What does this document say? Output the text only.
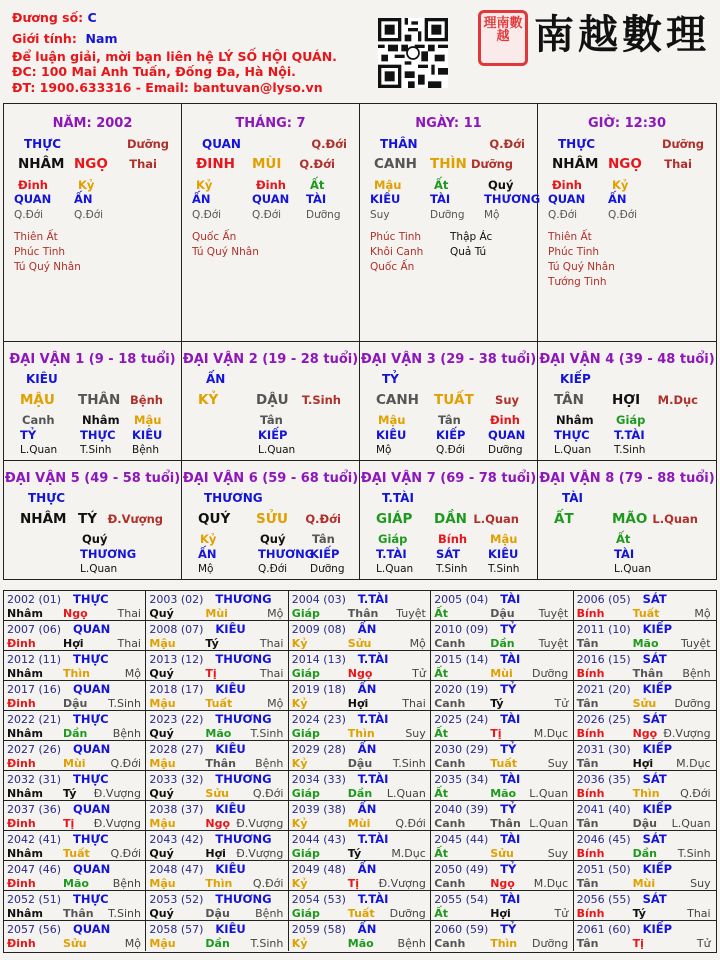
Đương số: C
Giới tính: Nam
Để luận giải, mời bạn liên hệ LÝ SỐ HỘI QUÁN.
ĐC: 100 Mai Anh Tuấn, Đống Đa, Hà Nội.
ĐT: 1900.633316 - Email: bantuvan@lyso.vn
理南數越 南越數理
NĂM: 2002
THỰC	Dưỡng
NHÂM NGỌ Thai
Đinh	Kỷ
QUAN ẤN
Q.Đới	Q.Đới
Thiên Ất
Phúc Tinh
Tú Quý Nhân
THÁNG: 7
QUAN	Q.Đới
ĐINH MÙI Q.Đới
Kỷ	Đinh Ất
ẤN	QUAN TÀI
Q.Đới	Q.Đới Dưỡng
Quốc Ấn
Tú Quý Nhân
NGÀY: 11
THÂN	Q.Đới
CANH THÌN Dưỡng
Mậu	Ất	Quý
KIÊU	TÀI	THƯƠNG
Suy	Dưỡng Mộ
Phúc Tinh
Khôi Canh
Quốc Ấn
Thập Ác
Quả Tú
GIỜ: 12:30
THỰC	Dưỡng
NHÂM NGỌ Thai
Đinh	Kỷ
QUAN ẤN
Q.Đới	Q.Đới
Thiên Ất
Phúc Tinh
Tú Quý Nhân
Tướng Tinh
ĐẠI VẬN 1 (9 - 18 tuổi)
KIÊU
MẬU THÂN Bệnh
Canh Nhâm Mậu
TỶ	THỰC KIÊU
L.Quan T.Sinh Bệnh
ĐẠI VẬN 2 (19 - 28 tuổi)
ẤN
KỶ	DẬU T.Sinh
Tân
KIẾP
L.Quan
ĐẠI VẬN 3 (29 - 38 tuổi)
TỶ
CANH TUẤT Suy
Mậu	Tân	Đinh
KIÊU	KIẾP QUAN
Mộ	Q.Đới Dưỡng
ĐẠI VẬN 4 (39 - 48 tuổi)
KIẾP
TÂN HỢI M.Dục
Nhâm Giáp
THỰC T.TÀI
L.Quan T.Sinh
ĐẠI VẬN 5 (49 - 58 tuổi)
THỰC
NHÂM TÝ Đ.Vượng
Quý
THƯƠNG
L.Quan
ĐẠI VẬN 6 (59 - 68 tuổi)
THƯƠNG
QUÝ SỬU Q.Đới
Kỷ	Quý Tân
ẤN	THƯƠNG
KIẾP
Mộ	Q.Đới Dưỡng
ĐẠI VẬN 7 (69 - 78 tuổi)
T.TÀI
GIÁP DẦN L.Quan
Giáp	Bính Mậu
T.TÀI	SÁT KIÊU
L.Quan T.Sinh T.Sinh
ĐẠI VẬN 8 (79 - 88 tuổi)
TÀI
ẤT	MÃO L.Quan
Ất
TÀI
L.Quan
2002 (01) THỰC
Nhâm Ngọ	Thai
2003 (02) THƯƠNG
Quý	Mùi	Mộ
2004 (03) T.TÀI
Giáp	Thân Tuyệt
2005 (04) TÀI
Ất	Dậu Tuyệt
2006 (05) SÁT
Bính	Tuất	Mộ
2007 (06) QUAN
Đinh Hợi	Thai
2008 (07) KIÊU
Mậu	Tý	Thai
2009 (08) ẤN
Kỷ	Sửu	Mộ
2010 (09) TỶ
Canh Dần Tuyệt
2011 (10) KIẾP
Tân	Mão Tuyệt
2012 (11) THỰC
Nhâm Thìn	Mộ
2013 (12) THƯƠNG
Quý	Tị	Thai
2014 (13) T.TÀI
Giáp	Ngọ	Tử
2015 (14) TÀI
Ất	Mùi Dưỡng
2016 (15) SÁT
Bính	Thân Bệnh
2017 (16) QUAN
Đinh Dậu T.Sinh
2018 (17) KIÊU
Mậu	Tuất	Mộ
2019 (18) ẤN
Kỷ	Hợi	Thai
2020 (19) TỶ
Canh Tý	Tử
2021 (20) KIẾP
Tân	Sửu Dưỡng
2022 (21) THỰC
Nhâm Dần Bệnh
2023 (22) THƯƠNG
Quý	Mão T.Sinh
2024 (23) T.TÀI
Giáp	Thìn	Suy
2025 (24) TÀI
Ất	Tị	M.Dục
2026 (25) SÁT
Bính	Ngọ Đ.Vượng
2027 (26) QUAN
Đinh Mùi Q.Đới
2028 (27) KIÊU
Mậu	Thân Bệnh
2029 (28) ẤN
Kỷ	Dậu T.Sinh
2030 (29) TỶ
Canh Tuất	Suy
2031 (30) KIẾP
Tân	Hợi M.Dục
2032 (31) THỰC
Nhâm Tý Đ.Vượng
2033 (32) THƯƠNG
Quý	Sửu Q.Đới
2034 (33) T.TÀI
Giáp	Dần L.Quan
2035 (34) TÀI
Ất	Mão L.Quan
2036 (35) SÁT
Bính	Thìn Q.Đới
2037 (36) QUAN
Đinh Tị Đ.Vượng
2038 (37) KIÊU
Mậu	Ngọ Đ.Vượng
2039 (38) ẤN
Kỷ	Mùi Q.Đới
2040 (39) TỶ
Canh Thân L.Quan
2041 (40) KIẾP
Tân	Dậu L.Quan
2042 (41) THỰC
Nhâm Tuất Q.Đới
2043 (42) THƯƠNG
Quý	Hợi Đ.Vượng
2044 (43) T.TÀI
Giáp	Tý	M.Dục
2045 (44) TÀI
Ất	Sửu	Suy
2046 (45) SÁT
Bính	Dần T.Sinh
2047 (46) QUAN
Đinh Mão Bệnh
2048 (47) KIÊU
Mậu	Thìn Q.Đới
2049 (48) ẤN
Kỷ	Tị Đ.Vượng
2050 (49) TỶ
Canh Ngọ M.Dục
2051 (50) KIẾP
Tân	Mùi	Suy
2052 (51) THỰC
Nhâm Thân T.Sinh
2053 (52) THƯƠNG
Quý	Dậu Bệnh
2054 (53) T.TÀI
Giáp	Tuất Dưỡng
2055 (54) TÀI
Ất	Hợi	Tử
2056 (55) SÁT
Bính	Tý	Thai
2057 (56) QUAN
Đinh Sửu	Mộ
2058 (57) KIÊU
Mậu	Dần T.Sinh
2059 (58) ẤN
Kỷ	Mão Bệnh
2060 (59) TỶ
Canh Thìn Dưỡng
2061 (60) KIẾP
Tân	Tị	Tử
